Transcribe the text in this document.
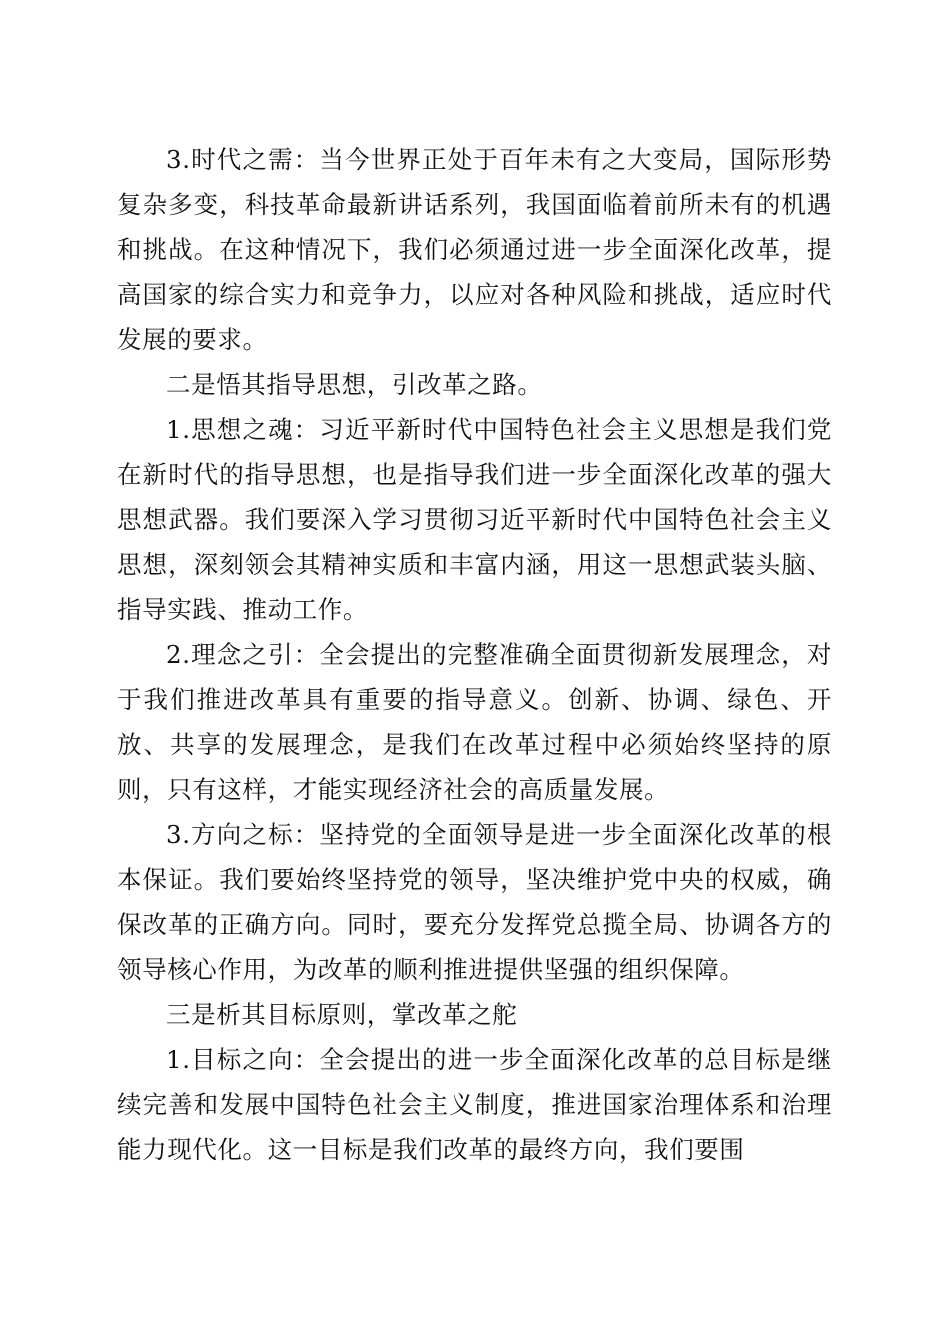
3.时代之需：当今世界正处于百年未有之大变局，国际形势复杂多变，科技革命最新讲话系列，我国面临着前所未有的机遇和挑战。在这种情况下，我们必须通过进一步全面深化改革，提高国家的综合实力和竞争力，以应对各种风险和挑战，适应时代发展的要求。

二是悟其指导思想，引改革之路。

1.思想之魂：习近平新时代中国特色社会主义思想是我们党在新时代的指导思想，也是指导我们进一步全面深化改革的强大思想武器。我们要深入学习贯彻习近平新时代中国特色社会主义思想，深刻领会其精神实质和丰富内涵，用这一思想武装头脑、指导实践、推动工作。

2.理念之引：全会提出的完整准确全面贯彻新发展理念，对于我们推进改革具有重要的指导意义。创新、协调、绿色、开放、共享的发展理念，是我们在改革过程中必须始终坚持的原则，只有这样，才能实现经济社会的高质量发展。

3.方向之标：坚持党的全面领导是进一步全面深化改革的根本保证。我们要始终坚持党的领导，坚决维护党中央的权威，确保改革的正确方向。同时，要充分发挥党总揽全局、协调各方的领导核心作用，为改革的顺利推进提供坚强的组织保障。

三是析其目标原则，掌改革之舵

1.目标之向：全会提出的进一步全面深化改革的总目标是继续完善和发展中国特色社会主义制度，推进国家治理体系和治理能力现代化。这一目标是我们改革的最终方向，我们要围
